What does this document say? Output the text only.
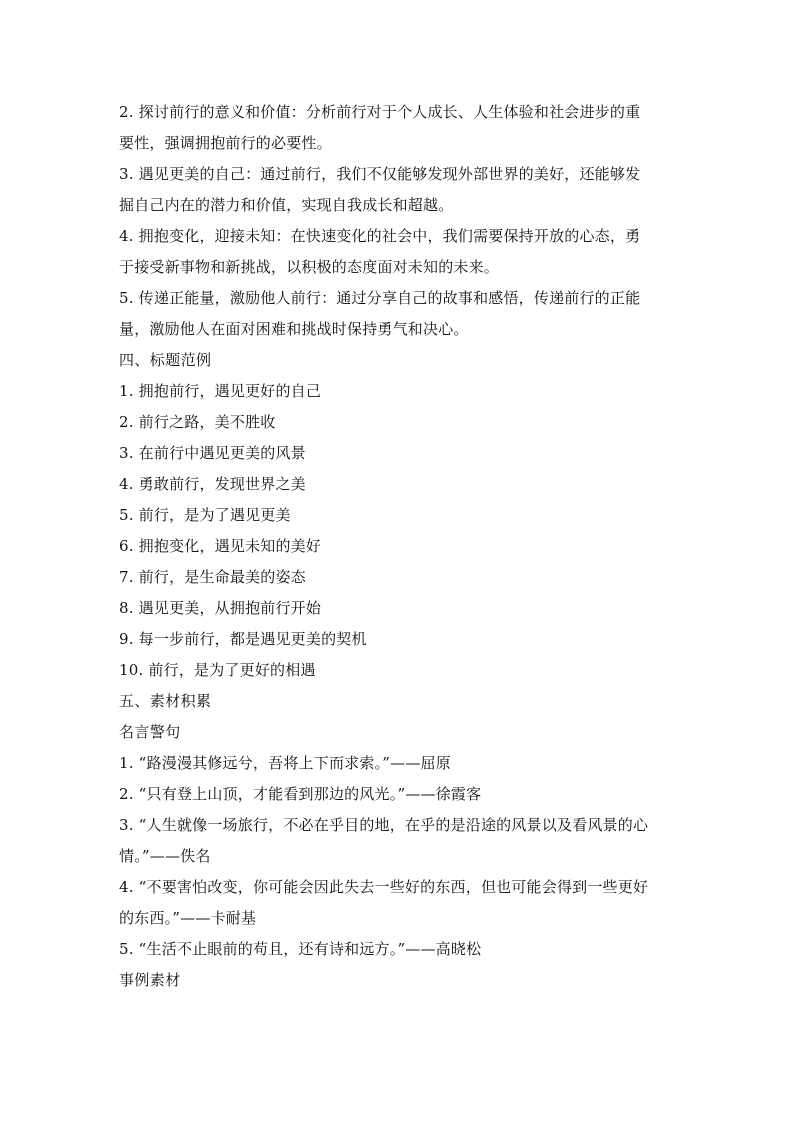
2. 探讨前行的意义和价值：分析前行对于个人成长、人生体验和社会进步的重
要性，强调拥抱前行的必要性。
3. 遇见更美的自己：通过前行，我们不仅能够发现外部世界的美好，还能够发
掘自己内在的潜力和价值，实现自我成长和超越。
4. 拥抱变化，迎接未知：在快速变化的社会中，我们需要保持开放的心态，勇
于接受新事物和新挑战，以积极的态度面对未知的未来。
5. 传递正能量，激励他人前行：通过分享自己的故事和感悟，传递前行的正能
量，激励他人在面对困难和挑战时保持勇气和决心。
四、标题范例
1. 拥抱前行，遇见更好的自己
2. 前行之路，美不胜收
3. 在前行中遇见更美的风景
4. 勇敢前行，发现世界之美
5. 前行，是为了遇见更美
6. 拥抱变化，遇见未知的美好
7. 前行，是生命最美的姿态
8. 遇见更美，从拥抱前行开始
9. 每一步前行，都是遇见更美的契机
10. 前行，是为了更好的相遇
五、素材积累
名言警句
1. “路漫漫其修远兮，吾将上下而求索。”——屈原
2. “只有登上山顶，才能看到那边的风光。”——徐霞客
3. “人生就像一场旅行，不必在乎目的地，在乎的是沿途的风景以及看风景的心
情。”——佚名
4. “不要害怕改变，你可能会因此失去一些好的东西，但也可能会得到一些更好
的东西。”——卡耐基
5. “生活不止眼前的苟且，还有诗和远方。”——高晓松
事例素材
